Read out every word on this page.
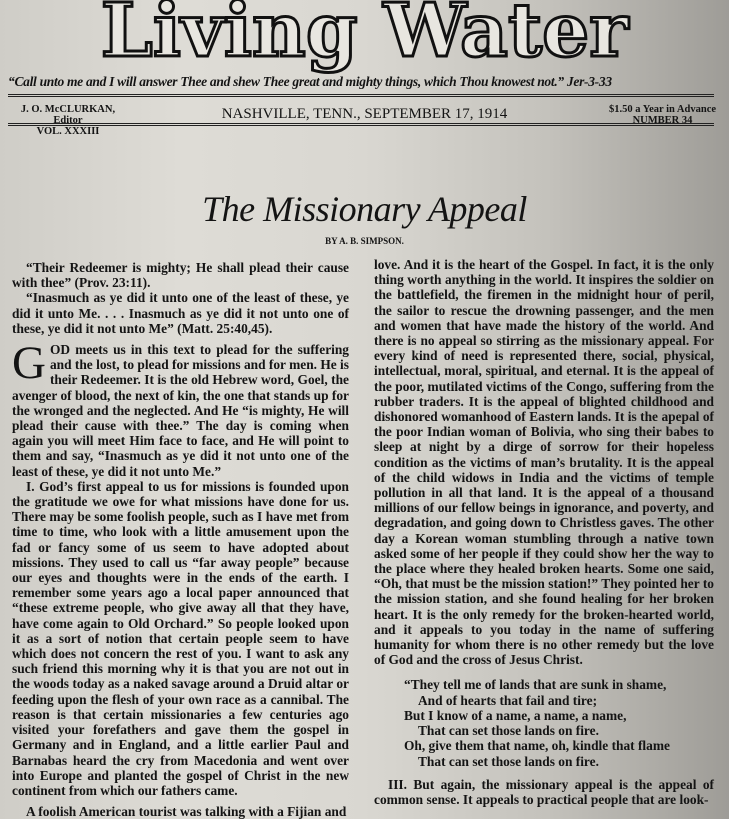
Living Water
“Call unto me and I will answer Thee and shew Thee great and mighty things, which Thou knowest not.” Jer-3-33
J. O. McCLURKAN, Editor
VOL. XXXIII
NASHVILLE, TENN., SEPTEMBER 17, 1914	$1.50 a Year in Advance
NUMBER 34
The Missionary Appeal
BY A. B. SIMPSON.

“Their Redeemer is mighty; He shall plead their cause with thee” (Prov. 23:11).

“Inasmuch as ye did it unto one of the least of these, ye did it unto Me. . . . Inasmuch as ye did it not unto one of these, ye did it not unto Me” (Matt. 25:40,45).

GOD meets us in this text to plead for the suffering and the lost, to plead for missions and for men. He is their Redeemer. It is the old Hebrew word, Goel, the avenger of blood, the next of kin, the one that stands up for the wronged and the neglected. And He “is mighty, He will plead their cause with thee.” The day is coming when again you will meet Him face to face, and He will point to them and say, “Inasmuch as ye did it not unto one of the least of these, ye did it not unto Me.”

I. God’s first appeal to us for missions is founded upon the gratitude we owe for what missions have done for us. There may be some foolish people, such as I have met from time to time, who look with a little amusement upon the fad or fancy some of us seem to have adopted about missions. They used to call us “far away people” because our eyes and thoughts were in the ends of the earth. I remember some years ago a local paper announced that “these extreme people, who give away all that they have, have come again to Old Orchard.” So people looked upon it as a sort of notion that certain people seem to have which does not concern the rest of you. I want to ask any such friend this morning why it is that you are not out in the woods today as a naked savage around a Druid altar or feeding upon the flesh of your own race as a cannibal. The reason is that certain missionaries a few centuries ago visited your forefathers and gave them the gospel in Germany and in England, and a little earlier Paul and Barnabas heard the cry from Macedonia and went over into Europe and planted the gospel of Christ in the new continent from which our fathers came.

A foolish American tourist was talking with a Fijian and

love. And it is the heart of the Gospel. In fact, it is the only thing worth anything in the world. It inspires the soldier on the battlefield, the firemen in the midnight hour of peril, the sailor to rescue the drowning passenger, and the men and women that have made the history of the world. And there is no appeal so stirring as the missionary appeal. For every kind of need is represented there, social, physical, intellectual, moral, spiritual, and eternal. It is the appeal of the poor, mutilated victims of the Congo, suffering from the rubber traders. It is the appeal of blighted childhood and dishonored womanhood of Eastern lands. It is the apepal of the poor Indian woman of Bolivia, who sing their babes to sleep at night by a dirge of sorrow for their hopeless condition as the victims of man’s brutality. It is the appeal of the child widows in India and the victims of temple pollution in all that land. It is the appeal of a thousand millions of our fellow beings in ignorance, and poverty, and degradation, and going down to Christless gaves. The other day a Korean woman stumbling through a native town asked some of her people if they could show her the way to the place where they healed broken hearts. Some one said, “Oh, that must be the mission station!” They pointed her to the mission station, and she found healing for her broken heart. It is the only remedy for the broken-hearted world, and it appeals to you today in the name of suffering humanity for whom there is no other remedy but the love of God and the cross of Jesus Christ.

“They tell me of lands that are sunk in shame,
And of hearts that fail and tire;
But I know of a name, a name, a name,
That can set those lands on fire.
Oh, give them that name, oh, kindle that flame
That can set those lands on fire.

III. But again, the missionary appeal is the appeal of common sense. It appeals to practical people that are look-
